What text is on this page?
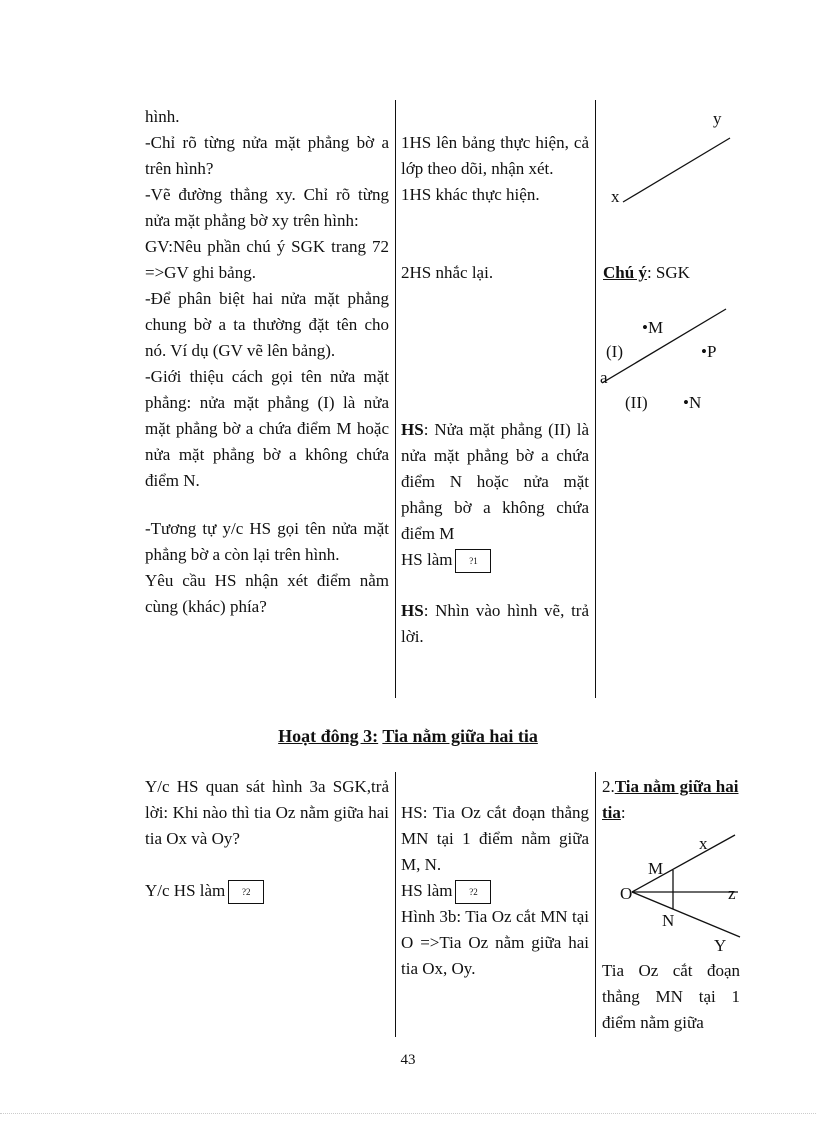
hình.

-Chỉ rõ từng nửa mặt phẳng bờ a trên hình?

-Vẽ đường thẳng xy. Chỉ rõ từng nửa mặt phẳng bờ xy trên hình:

GV:Nêu phần chú ý SGK trang 72 =>GV ghi bảng.

-Để phân biệt hai nửa mặt phẳng chung bờ a ta thường đặt tên cho nó. Ví dụ (GV vẽ lên bảng).

-Giới thiệu cách gọi tên nửa mặt phẳng: nửa mặt phẳng (I) là nửa mặt phẳng bờ a chứa điểm M hoặc nửa mặt phẳng bờ a không chứa điểm N.

-Tương tự y/c HS gọi tên nửa mặt phẳng bờ a còn lại trên hình.

Yêu cầu HS nhận xét điểm nằm cùng (khác) phía?

1HS lên bảng thực hiện, cả lớp theo dõi, nhận xét.

1HS khác thực hiện.

2HS nhắc lại.

HS: Nửa mặt phẳng (II) là nửa mặt phẳng bờ a chứa điểm N hoặc nửa mặt phẳng bờ a không chứa điểm M

HS làm ?1

HS: Nhìn vào hình vẽ, trả lời.

y
x
Chú ý: SGK
•M
(I)	•P
a
(II) •N
Hoạt đông 3: Tia nằm giữa hai tia

Y/c HS quan sát hình 3a SGK,trả lời: Khi nào thì tia Oz nằm giữa hai tia Ox và Oy?

Y/c HS làm ?2

HS: Tia Oz cắt đoạn thẳng MN tại 1 điểm nằm giữa M, N.

HS làm ?2

Hình 3b: Tia Oz cắt MN tại O =>Tia Oz nằm giữa hai tia Ox, Oy.

2.Tia nằm giữa hai tia:
x
M
O	z
N
Y

Tia Oz cắt đoạn thẳng MN tại 1 điểm nằm giữa

43
